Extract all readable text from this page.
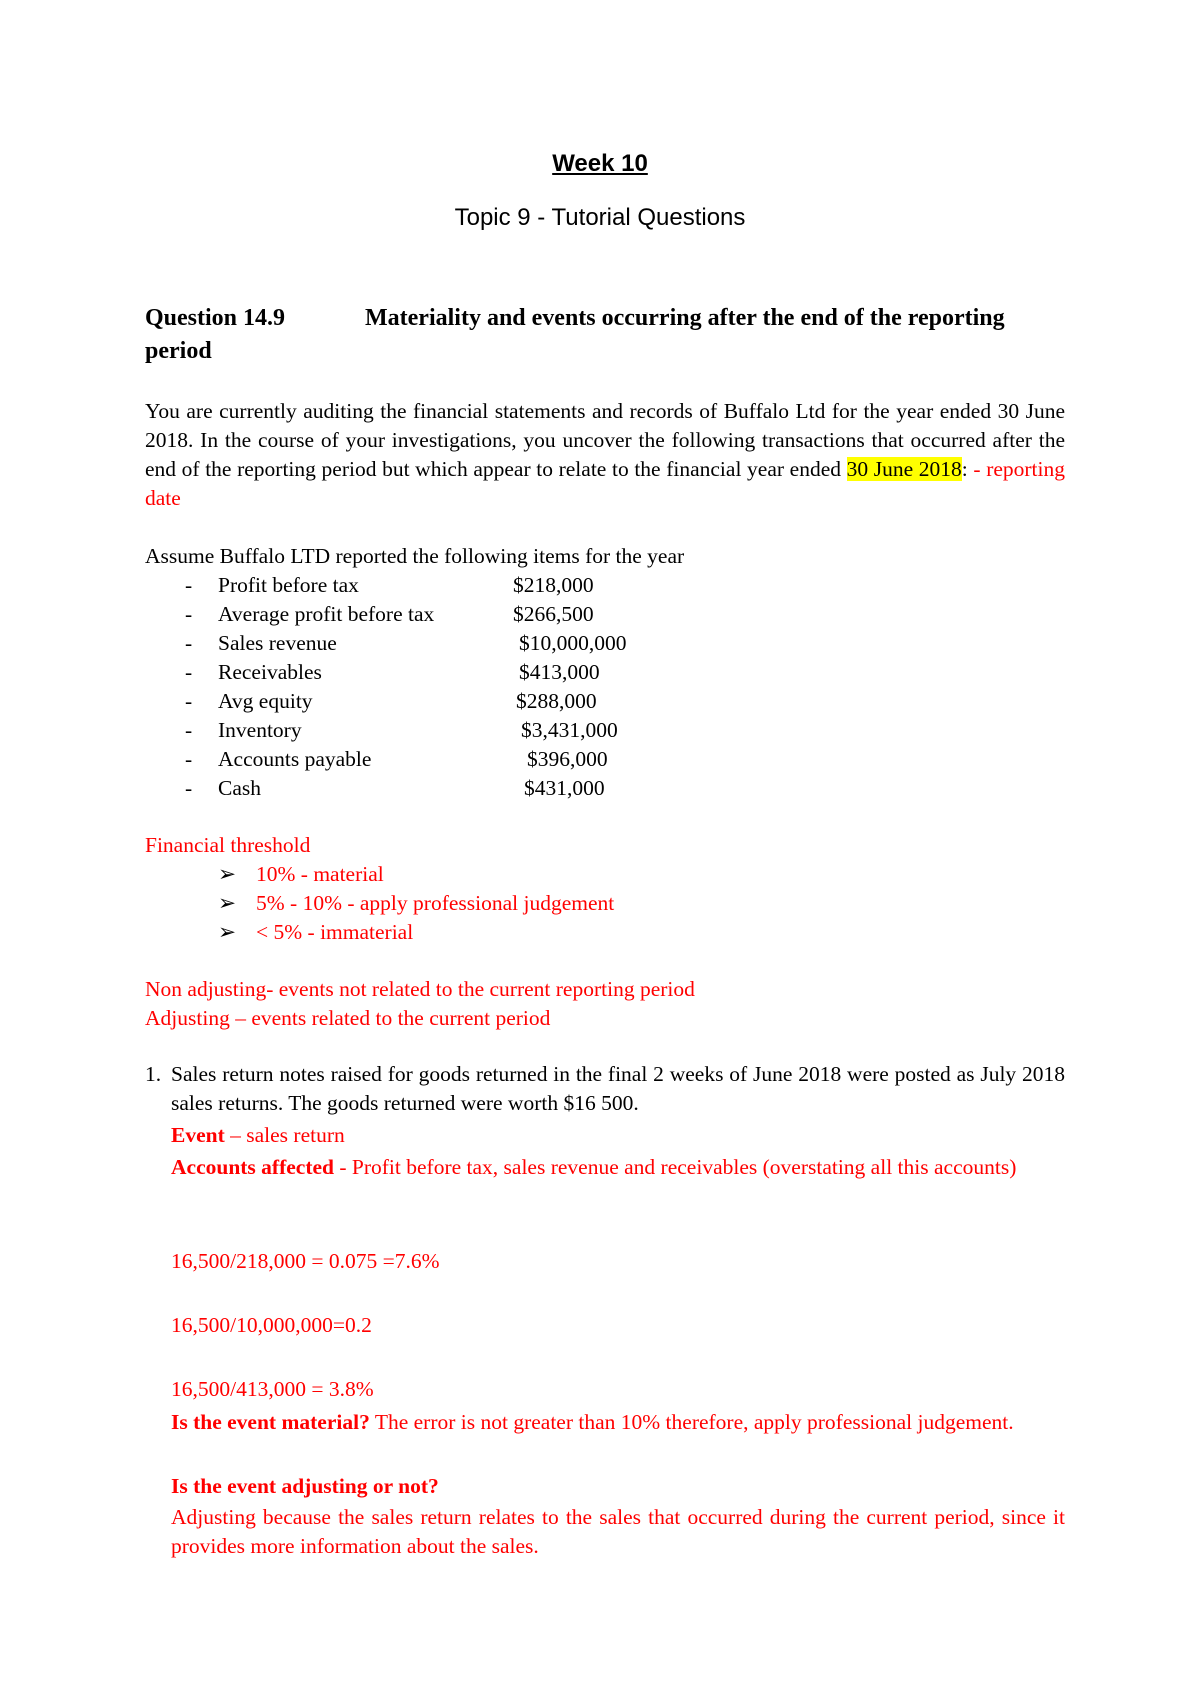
Week 10
Topic 9 - Tutorial Questions
Question 14.9	Materiality and events occurring after the end of the reporting period
You are currently auditing the financial statements and records of Buffalo Ltd for the year ended 30 June 2018. In the course of your investigations, you uncover the following transactions that occurred after the end of the reporting period but which appear to relate to the financial year ended 30 June 2018: - reporting date
Assume Buffalo LTD reported the following items for the year
- Profit before tax	$218,000
- Average profit before tax	$266,500
- Sales revenue	$10,000,000
- Receivables	$413,000
- Avg equity	$288,000
- Inventory	$3,431,000
- Accounts payable	$396,000
- Cash	$431,000
Financial threshold
➢ 10% - material
➢ 5% - 10% - apply professional judgement
➢ < 5% - immaterial
Non adjusting- events not related to the current reporting period
Adjusting – events related to the current period
1. Sales return notes raised for goods returned in the final 2 weeks of June 2018 were posted as July 2018 sales returns. The goods returned were worth $16 500.
Event – sales return
Accounts affected - Profit before tax, sales revenue and receivables (overstating all this accounts)
16,500/218,000 = 0.075 =7.6%
16,500/10,000,000=0.2
16,500/413,000 = 3.8%
Is the event material? The error is not greater than 10% therefore, apply professional judgement.
Is the event adjusting or not?
Adjusting because the sales return relates to the sales that occurred during the current period, since it provides more information about the sales.
